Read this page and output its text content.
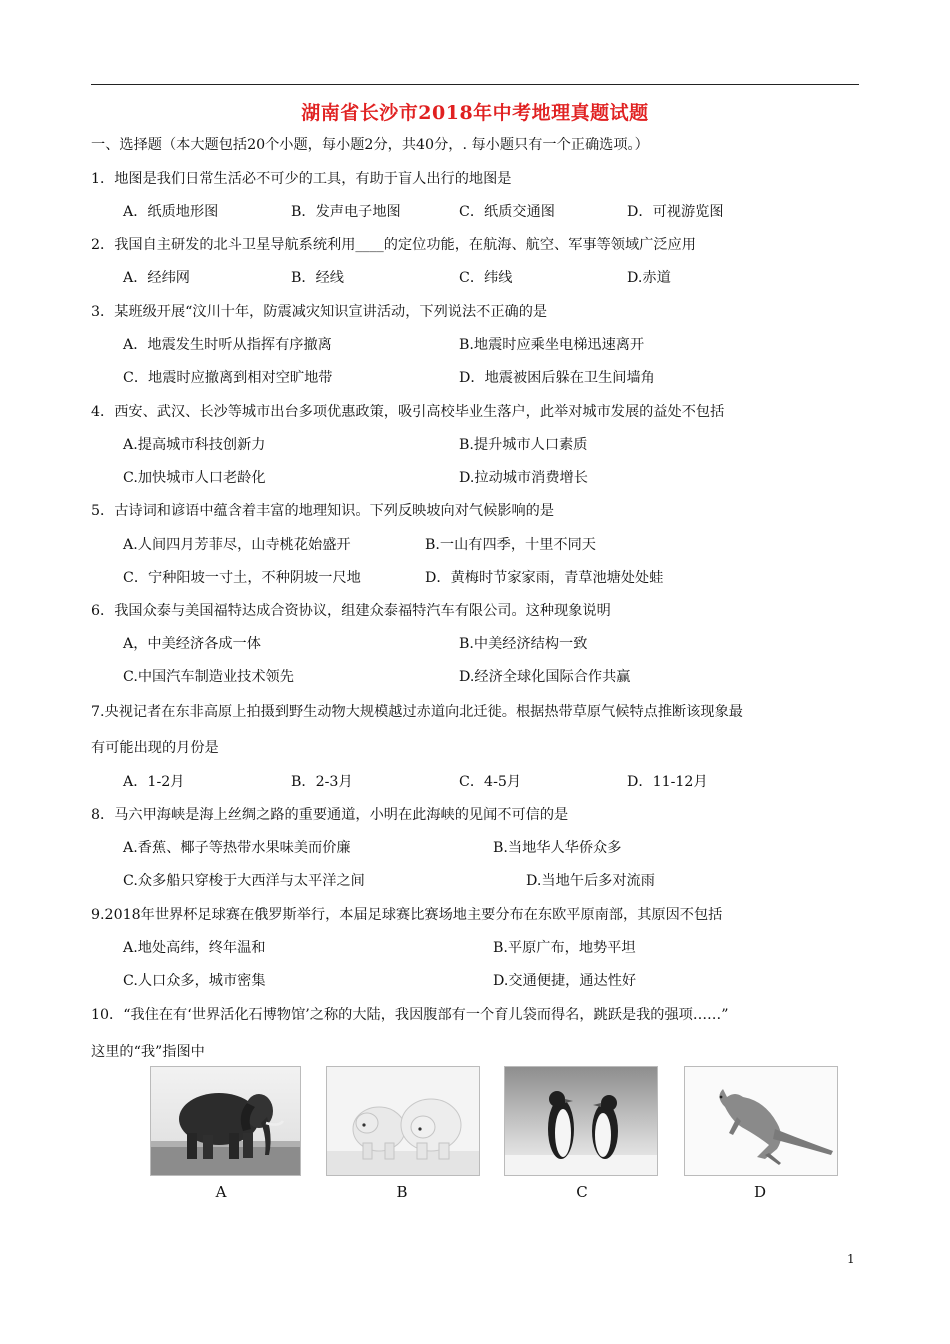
湖南省长沙市2018年中考地理真题试题
一、选择题（本大题包括20个小题，每小题2分，共40分，. 每小题只有一个正确选项。）
1．地图是我们日常生活必不可少的工具，有助于盲人出行的地图是
A．纸质地形图	B．发声电子地图	C．纸质交通图	D．可视游览图
2．我国自主研发的北斗卫星导航系统利用____的定位功能，在航海、航空、军事等领域广泛应用
A．经纬网	B．经线	C．纬线	D.赤道
3．某班级开展“汶川十年，防震减灾知识宣讲活动，下列说法不正确的是
A．地震发生时听从指挥有序撤离	B.地震时应乘坐电梯迅速离开
C．地震时应撤离到相对空旷地带	D．地震被困后躲在卫生间墙角
4．西安、武汉、长沙等城市出台多项优惠政策，吸引高校毕业生落户，此举对城市发展的益处不包括
A.提高城市科技创新力	B.提升城市人口素质
C.加快城市人口老龄化	D.拉动城市消费增长
5．古诗词和谚语中蕴含着丰富的地理知识。下列反映坡向对气候影响的是
A.人间四月芳菲尽，山寺桃花始盛开	B.一山有四季，十里不同天
C．宁种阳坡一寸土，不种阴坡一尺地	D．黄梅时节家家雨，青草池塘处处蛙
6．我国众泰与美国福特达成合资协议，组建众泰福特汽车有限公司。这种现象说明
A，中美经济各成一体	B.中美经济结构一致
C.中国汽车制造业技术领先	D.经济全球化国际合作共赢
7.央视记者在东非高原上拍摄到野生动物大规模越过赤道向北迁徙。根据热带草原气候特点推断该现象最
有可能出现的月份是
A．1-2月	B．2-3月	C．4-5月	D．11-12月
8．马六甲海峡是海上丝绸之路的重要通道，小明在此海峡的见闻不可信的是
A.香蕉、椰子等热带水果味美而价廉	B.当地华人华侨众多
C.众多船只穿梭于大西洋与太平洋之间	D.当地午后多对流雨
9.2018年世界杯足球赛在俄罗斯举行，本届足球赛比赛场地主要分布在东欧平原南部，其原因不包括
A.地处高纬，终年温和	B.平原广布，地势平坦
C.人口众多，城市密集	D.交通便捷，通达性好
10．“我住在有‘世界活化石博物馆’之称的大陆，我因腹部有一个育儿袋而得名，跳跃是我的强项……”
这里的“我”指图中
A	B	C	D
1
